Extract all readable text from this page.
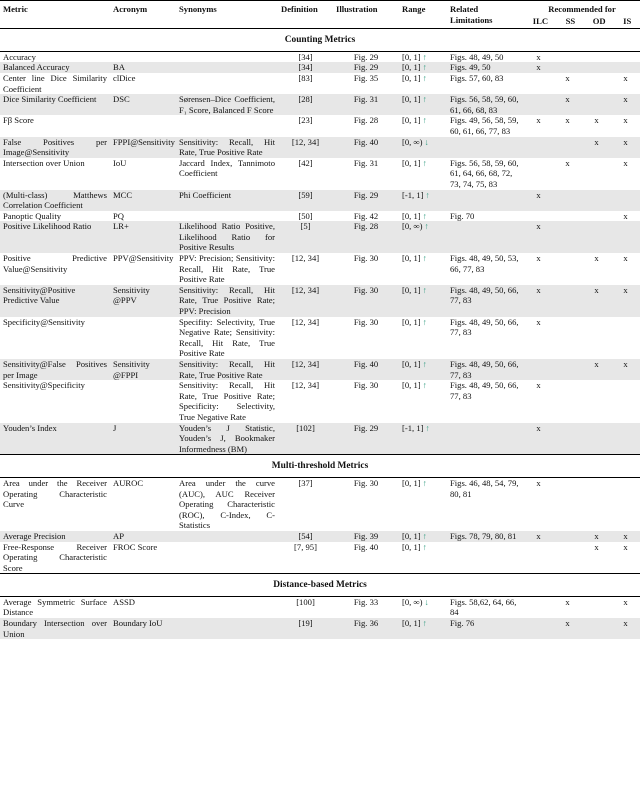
Metric	Acronym	Synonyms	Definition	Illustration	Range	Related Limitations	Recommended for
ILC SS OD IS			

Counting Metrics										
Accuracy			[34]	Fig. 29	[0, 1] ↑	Figs. 48, 49, 50	x			
Balanced Accuracy	BA		[34]	Fig. 29	[0, 1] ↑	Figs. 49, 50	x			
Center line Dice Similarity Coefficient	clDice		[83]	Fig. 35	[0, 1] ↑	Figs. 57, 60, 83		x		x
Dice Similarity Coefficient	DSC	Sørensen–Dice Coefficient, F₁ Score, Balanced F Score	[28]	Fig. 31	[0, 1] ↑	Figs. 56, 58, 59, 60, 61, 66, 68, 83		x		x
Fβ Score			[23]	Fig. 28	[0, 1] ↑	Figs. 49, 56, 58, 59, 60, 61, 66, 77, 83	x	x	x	x
False Positives per Image@Sensitivity	FPPI@Sensitivity	Sensitivity: Recall, Hit Rate, True Positive Rate	[12, 34]	Fig. 40	[0, ∞) ↓				x	x
Intersection over Union	IoU	Jaccard Index, Tannimoto Coefficient	[42]	Fig. 31	[0, 1] ↑	Figs. 56, 58, 59, 60, 61, 64, 66, 68, 72, 73, 74, 75, 83		x		x
(Multi-class) Matthews Correlation Coefficient	MCC	Phi Coefficient	[59]	Fig. 29	[-1, 1] ↑		x			
Panoptic Quality	PQ		[50]	Fig. 42	[0, 1] ↑	Fig. 70				x
Positive Likelihood Ratio	LR+	Likelihood Ratio Positive, Likelihood Ratio for Positive Results	[5]	Fig. 28	[0, ∞) ↑		x			
Positive Predictive Value@Sensitivity	PPV@Sensitivity	PPV: Precision; Sensitivity: Recall, Hit Rate, True Positive Rate	[12, 34]	Fig. 30	[0, 1] ↑	Figs. 48, 49, 50, 53, 66, 77, 83	x		x	x
Sensitivity@Positive Predictive Value	Sensitivity @PPV	Sensitivity: Recall, Hit Rate, True Positive Rate; PPV: Precision	[12, 34]	Fig. 30	[0, 1] ↑	Figs. 48, 49, 50, 66, 77, 83	x		x	x
Specificity@Sensitivity		Specifity: Selectivity, True Negative Rate; Sensitivity: Recall, Hit Rate, True Positive Rate	[12, 34]	Fig. 30	[0, 1] ↑	Figs. 48, 49, 50, 66, 77, 83	x			
Sensitivity@False Positives per Image	Sensitivity @FPPI	Sensitivity: Recall, Hit Rate, True Positive Rate	[12, 34]	Fig. 40	[0, 1] ↑	Figs. 48, 49, 50, 66, 77, 83			x	x
Sensitivity@Specificity		Sensitivity: Recall, Hit Rate, True Positive Rate; Specificity: Selectivity, True Negative Rate	[12, 34]	Fig. 30	[0, 1] ↑	Figs. 48, 49, 50, 66, 77, 83	x			
Youden’s Index	J	Youden’s J Statistic, Youden’s J, Bookmaker Informedness (BM)	[102]	Fig. 29	[-1, 1] ↑		x			
Multi-threshold Metrics										
Area under the Receiver Operating Characteristic Curve	AUROC	Area under the curve (AUC), AUC Receiver Operating Characteristic (ROC), C-Index, C-Statistics	[37]	Fig. 30	[0, 1] ↑	Figs. 46, 48, 54, 79, 80, 81	x			
Average Precision	AP		[54]	Fig. 39	[0, 1] ↑	Figs. 78, 79, 80, 81	x		x	x
Free-Response Receiver Operating Characteristic Score	FROC Score		[7, 95]	Fig. 40	[0, 1] ↑				x	x
Distance-based Metrics										
Average Symmetric Surface Distance	ASSD		[100]	Fig. 33	[0, ∞) ↓	Figs. 58,62, 64, 66, 84		x		x
Boundary Intersection over Union	Boundary IoU		[19]	Fig. 36	[0, 1] ↑	Fig. 76		x		x
